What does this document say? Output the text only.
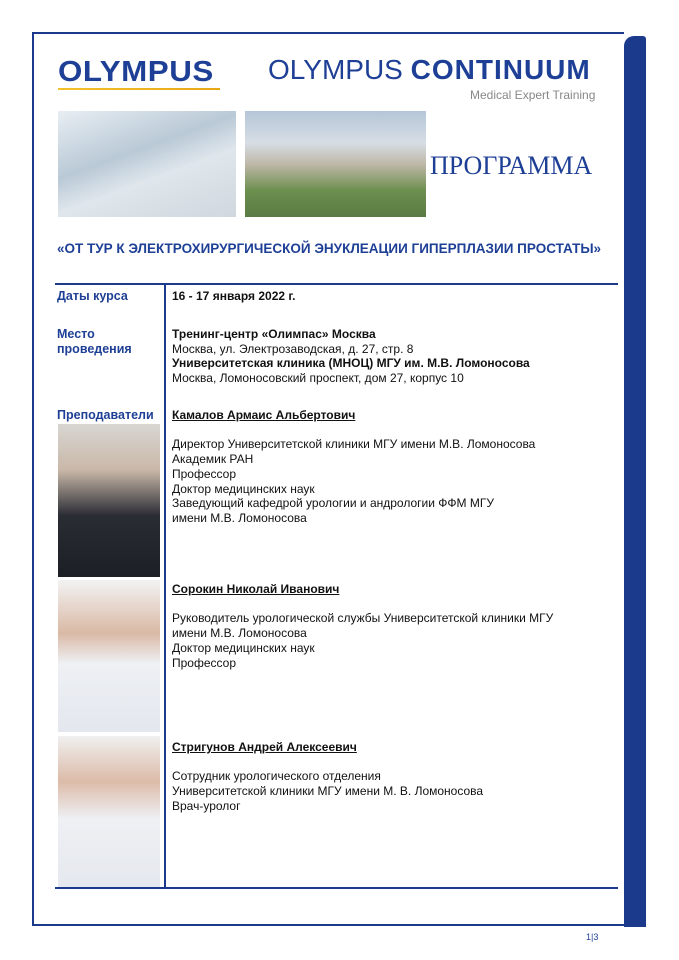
OLYMPUS OLYMPUS CONTINUUM
Medical Expert Training
ПРОГРАММА
«ОТ ТУР К ЭЛЕКТРОХИРУРГИЧЕСКОЙ ЭНУКЛЕАЦИИ ГИПЕРПЛАЗИИ ПРОСТАТЫ»
Даты курса	16 - 17 января 2022 г.
Место
проведения
Тренинг-центр «Олимпас» Москва
Москва, ул. Электрозаводская, д. 27, стр. 8
Университетская клиника (МНОЦ) МГУ им. М.В. Ломоносова
Москва, Ломоносовский проспект, дом 27, корпус 10
Преподаватели Камалов Армаис Альбертович

Директор Университетской клиники МГУ имени М.В. Ломоносова
Академик РАН
Профессор
Доктор медицинских наук
Заведующий кафедрой урологии и андрологии ФФМ МГУ
имени М.В. Ломоносова
Сорокин Николай Иванович

Руководитель урологической службы Университетской клиники МГУ
имени М.В. Ломоносова
Доктор медицинских наук
Профессор
Стригунов Андрей Алексеевич

Сотрудник урологического отделения
Университетской клиники МГУ имени М. В. Ломоносова
Врач-уролог
1|3
